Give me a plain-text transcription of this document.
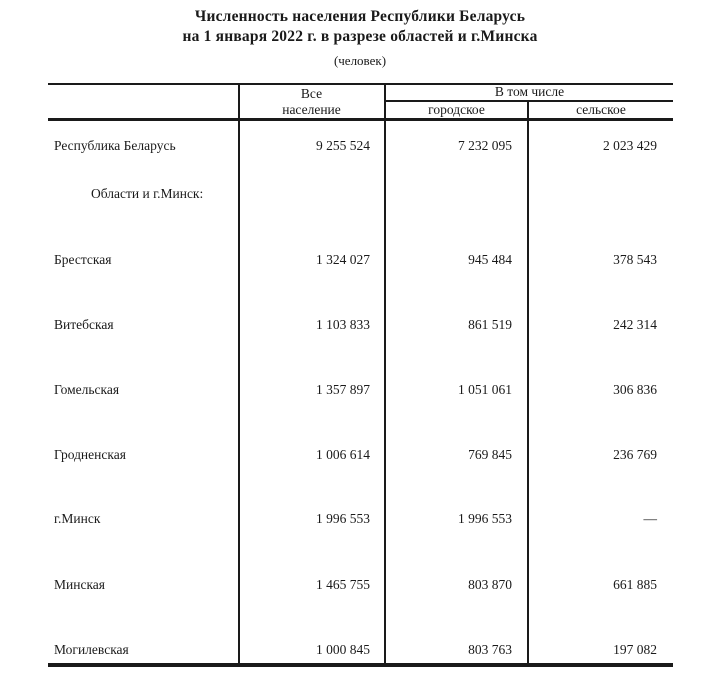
Численность населения Республики Беларусь
на 1 января 2022 г. в разрезе областей и г.Минска
(человек)
Все
население
В том числе
городское	сельское
Республика Беларусь	9 255 524	7 232 095	2 023 429
Области и г.Минск:
Брестская	1 324 027	945 484	378 543
Витебская	1 103 833	861 519	242 314
Гомельская	1 357 897	1 051 061	306 836
Гродненская	1 006 614	769 845	236 769
г.Минск	1 996 553	1 996 553	—
Минская	1 465 755	803 870	661 885
Могилевская	1 000 845	803 763	197 082
